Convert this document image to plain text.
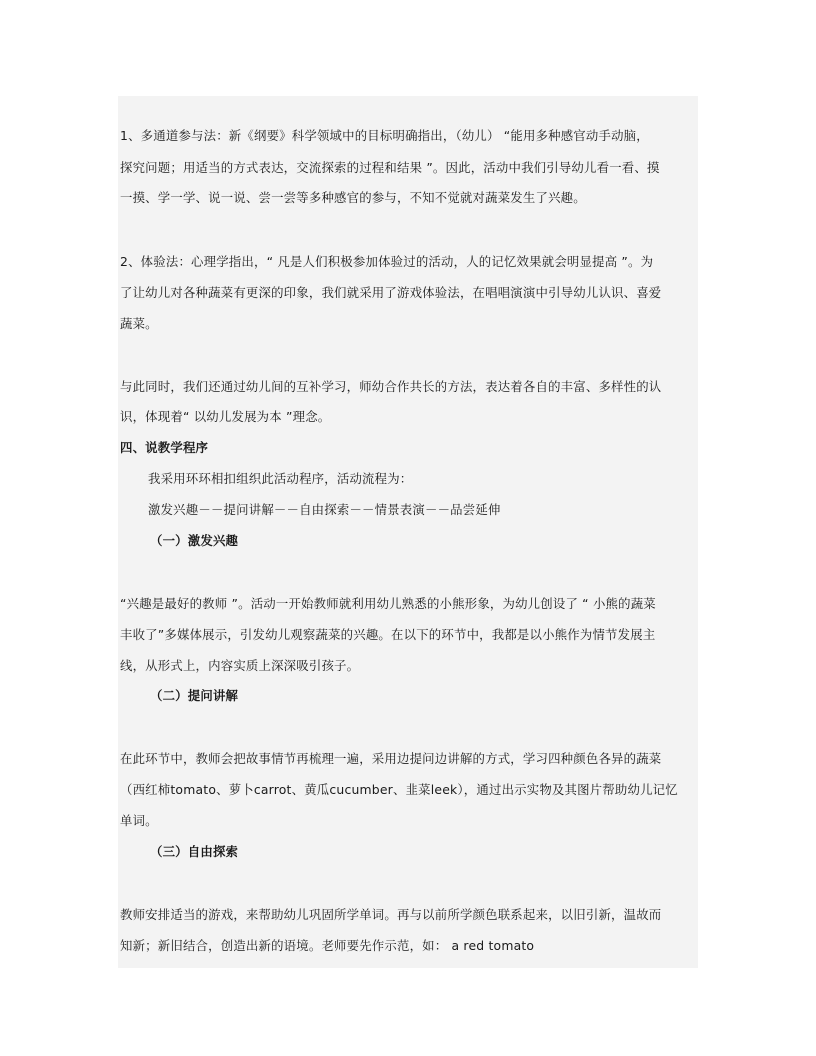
1、多通道参与法：新《纲要》科学领域中的目标明确指出，（幼儿） “能用多种感官动手动脑，
探究问题；用适当的方式表达，交流探索的过程和结果 ”。因此，活动中我们引导幼儿看一看、摸
一摸、学一学、说一说、尝一尝等多种感官的参与，不知不觉就对蔬菜发生了兴趣。
2、体验法：心理学指出，“ 凡是人们积极参加体验过的活动，人的记忆效果就会明显提高 ”。为
了让幼儿对各种蔬菜有更深的印象，我们就采用了游戏体验法，在唱唱演演中引导幼儿认识、喜爱
蔬菜。
与此同时，我们还通过幼儿间的互补学习，师幼合作共长的方法，表达着各自的丰富、多样性的认
识，体现着“ 以幼儿发展为本 ”理念。
四、说教学程序
我采用环环相扣组织此活动程序，活动流程为：
激发兴趣－－提问讲解－－自由探索－－情景表演－－品尝延伸
（一）激发兴趣
“兴趣是最好的教师 ”。活动一开始教师就利用幼儿熟悉的小熊形象，为幼儿创设了 “ 小熊的蔬菜
丰收了”多媒体展示，引发幼儿观察蔬菜的兴趣。在以下的环节中，我都是以小熊作为情节发展主
线，从形式上，内容实质上深深吸引孩子。
（二）提问讲解
在此环节中，教师会把故事情节再梳理一遍，采用边提问边讲解的方式，学习四种颜色各异的蔬菜
（西红柿tomato、萝卜carrot、黄瓜cucumber、韭菜leek），通过出示实物及其图片帮助幼儿记忆
单词。
（三）自由探索
教师安排适当的游戏，来帮助幼儿巩固所学单词。再与以前所学颜色联系起来，以旧引新，温故而
知新；新旧结合，创造出新的语境。老师要先作示范，如： a red tomato
